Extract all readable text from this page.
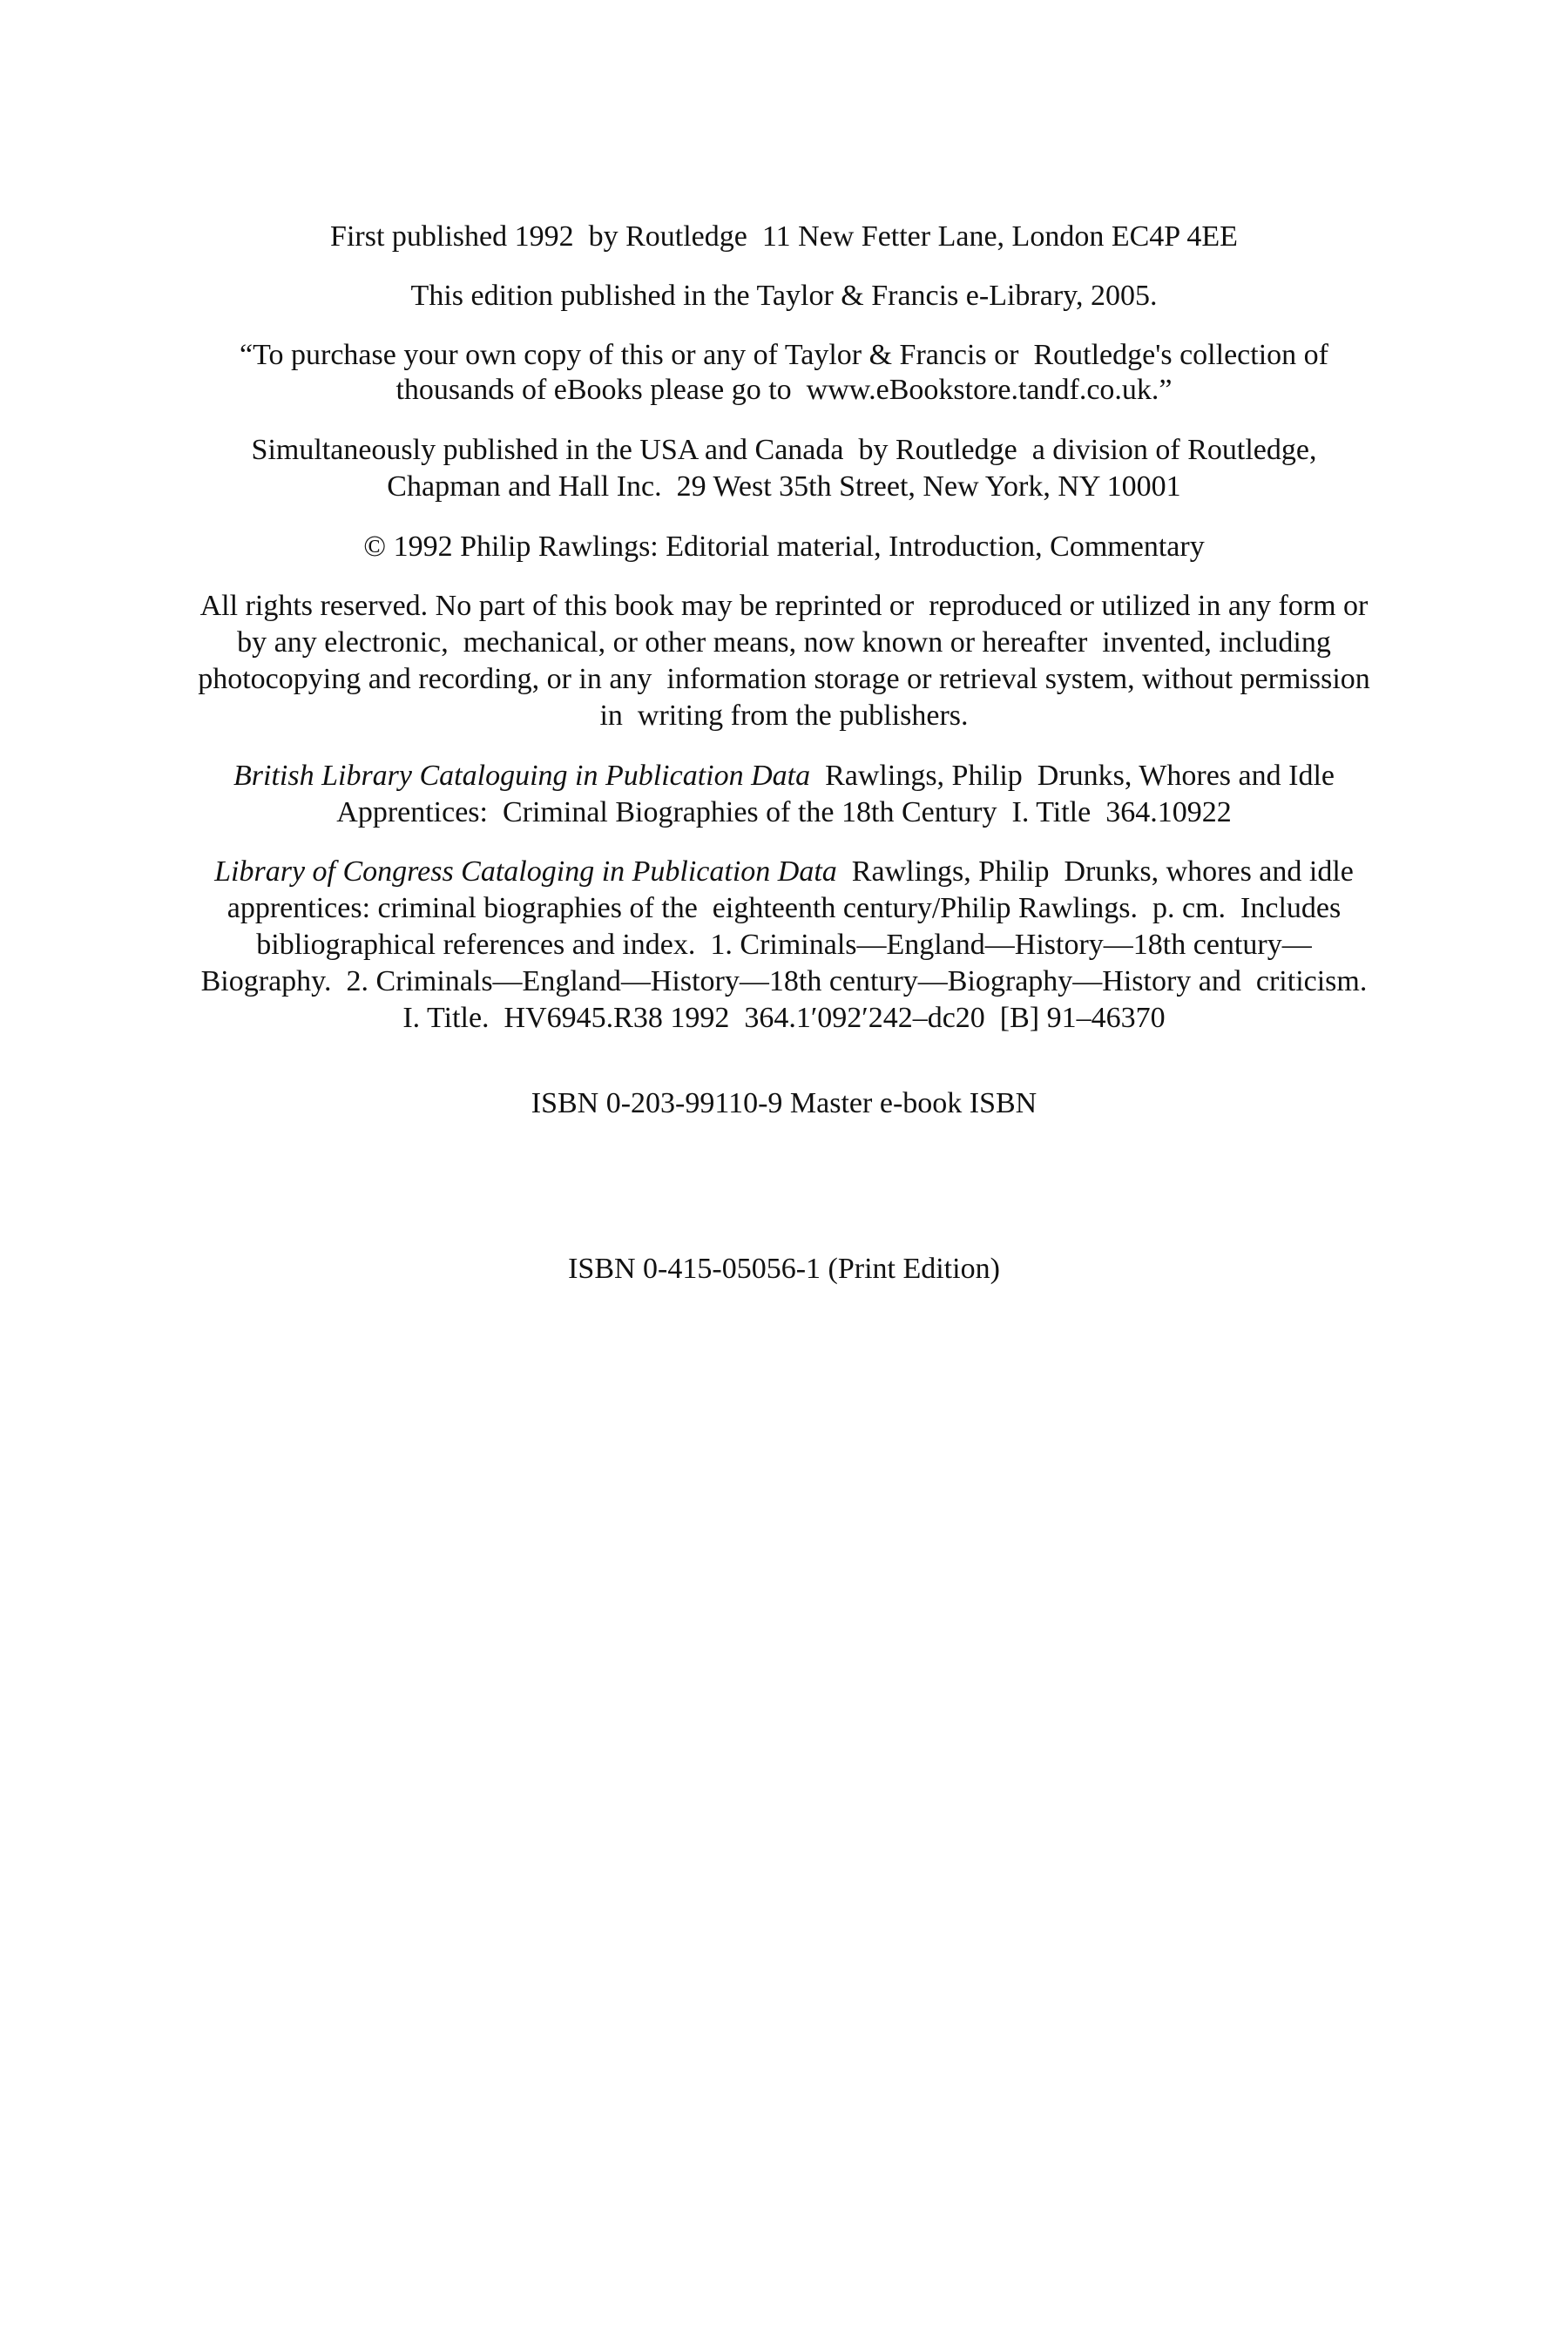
First published 1992  by Routledge  11 New Fetter Lane, London EC4P 4EE
This edition published in the Taylor & Francis e-Library, 2005.
“To purchase your own copy of this or any of Taylor & Francis or  Routledge's collection of
thousands of eBooks please go to  www.eBookstore.tandf.co.uk.”
Simultaneously published in the USA and Canada  by Routledge  a division of Routledge,
Chapman and Hall Inc.  29 West 35th Street, New York, NY 10001
© 1992 Philip Rawlings: Editorial material, Introduction, Commentary
All rights reserved. No part of this book may be reprinted or  reproduced or utilized in any form or
by any electronic,  mechanical, or other means, now known or hereafter  invented, including
photocopying and recording, or in any  information storage or retrieval system, without permission
in  writing from the publishers.
British Library Cataloguing in Publication Data  Rawlings, Philip  Drunks, Whores and Idle
Apprentices:  Criminal Biographies of the 18th Century  I. Title  364.10922
Library of Congress Cataloging in Publication Data  Rawlings, Philip  Drunks, whores and idle
apprentices: criminal biographies of the  eighteenth century/Philip Rawlings.  p. cm.  Includes
bibliographical references and index.  1. Criminals—England—History—18th century—
Biography.  2. Criminals—England—History—18th century—Biography—History and  criticism.
I. Title.  HV6945.R38 1992  364.1′092′242–dc20  [B] 91–46370
ISBN 0-203-99110-9 Master e-book ISBN
ISBN 0-415-05056-1 (Print Edition)
